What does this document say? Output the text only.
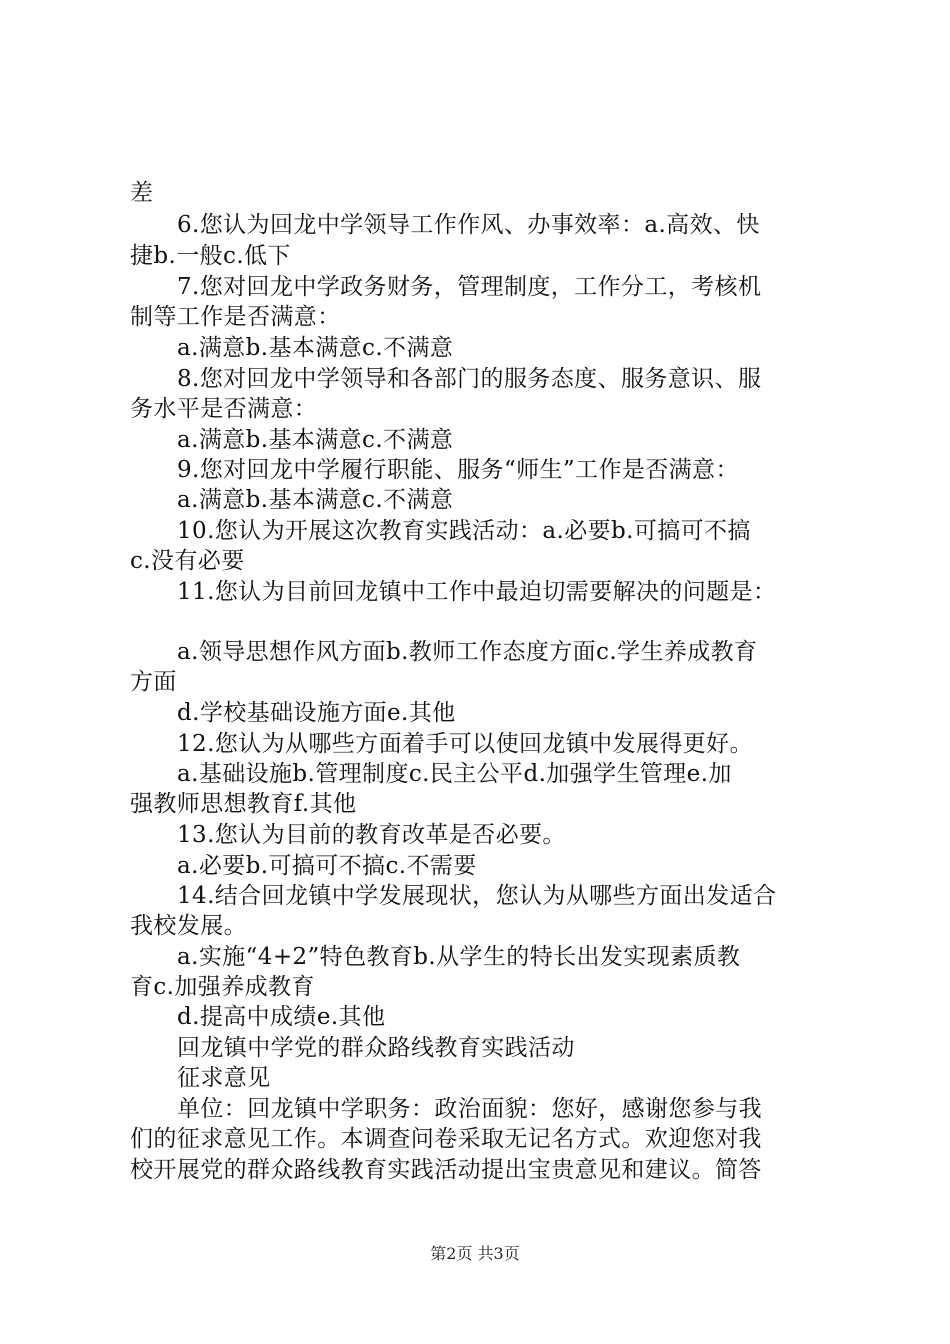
差
6.您认为回龙中学领导工作作风、办事效率：a.高效、快
捷b.一般c.低下
7.您对回龙中学政务财务，管理制度，工作分工，考核机
制等工作是否满意：
a.满意b.基本满意c.不满意
8.您对回龙中学领导和各部门的服务态度、服务意识、服
务水平是否满意：
a.满意b.基本满意c.不满意
9.您对回龙中学履行职能、服务“师生”工作是否满意：
a.满意b.基本满意c.不满意
10.您认为开展这次教育实践活动：a.必要b.可搞可不搞
c.没有必要
11.您认为目前回龙镇中工作中最迫切需要解决的问题是：
a.领导思想作风方面b.教师工作态度方面c.学生养成教育
方面
d.学校基础设施方面e.其他
12.您认为从哪些方面着手可以使回龙镇中发展得更好。
a.基础设施b.管理制度c.民主公平d.加强学生管理e.加
强教师思想教育f.其他
13.您认为目前的教育改革是否必要。
a.必要b.可搞可不搞c.不需要
14.结合回龙镇中学发展现状，您认为从哪些方面出发适合
我校发展。
a.实施“4+2”特色教育b.从学生的特长出发实现素质教
育c.加强养成教育
d.提高中成绩e.其他
回龙镇中学党的群众路线教育实践活动
征求意见
单位：回龙镇中学职务：政治面貌：您好，感谢您参与我
们的征求意见工作。本调查问卷采取无记名方式。欢迎您对我
校开展党的群众路线教育实践活动提出宝贵意见和建议。简答
第2页 共3页
